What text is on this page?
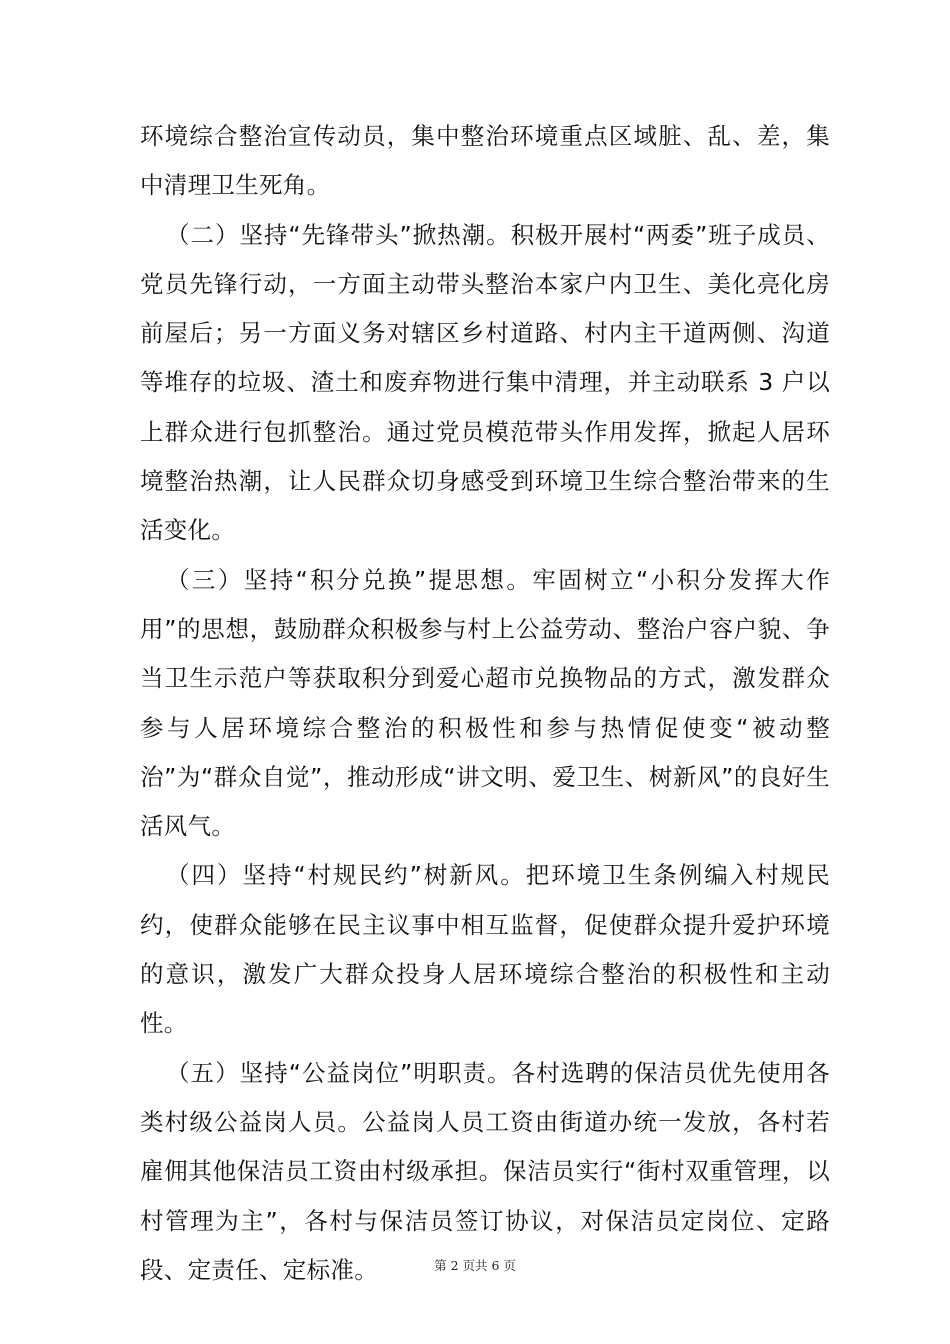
环境综合整治宣传动员，集中整治环境重点区域脏、乱、差，集中清理卫生死角。

（二）坚持“先锋带头”掀热潮。积极开展村“两委”班子成员、党员先锋行动，一方面主动带头整治本家户内卫生、美化亮化房前屋后；另一方面义务对辖区乡村道路、村内主干道两侧、沟道等堆存的垃圾、渣土和废弃物进行集中清理，并主动联系 3 户以上群众进行包抓整治。通过党员模范带头作用发挥，掀起人居环境整治热潮，让人民群众切身感受到环境卫生综合整治带来的生活变化。

（三）坚持“积分兑换”提思想。牢固树立“小积分发挥大作用”的思想，鼓励群众积极参与村上公益劳动、整治户容户貌、争当卫生示范户等获取积分到爱心超市兑换物品的方式，激发群众参与人居环境综合整治的积极性和参与热情促使变“被动整治”为“群众自觉”，推动形成“讲文明、爱卫生、树新风”的良好生活风气。

（四）坚持“村规民约”树新风。把环境卫生条例编入村规民约，使群众能够在民主议事中相互监督，促使群众提升爱护环境的意识，激发广大群众投身人居环境综合整治的积极性和主动性。

（五）坚持“公益岗位”明职责。各村选聘的保洁员优先使用各类村级公益岗人员。公益岗人员工资由街道办统一发放，各村若雇佣其他保洁员工资由村级承担。保洁员实行“街村双重管理，以村管理为主”，各村与保洁员签订协议，对保洁员定岗位、定路段、定责任、定标准。	第 2 页共 6 页
